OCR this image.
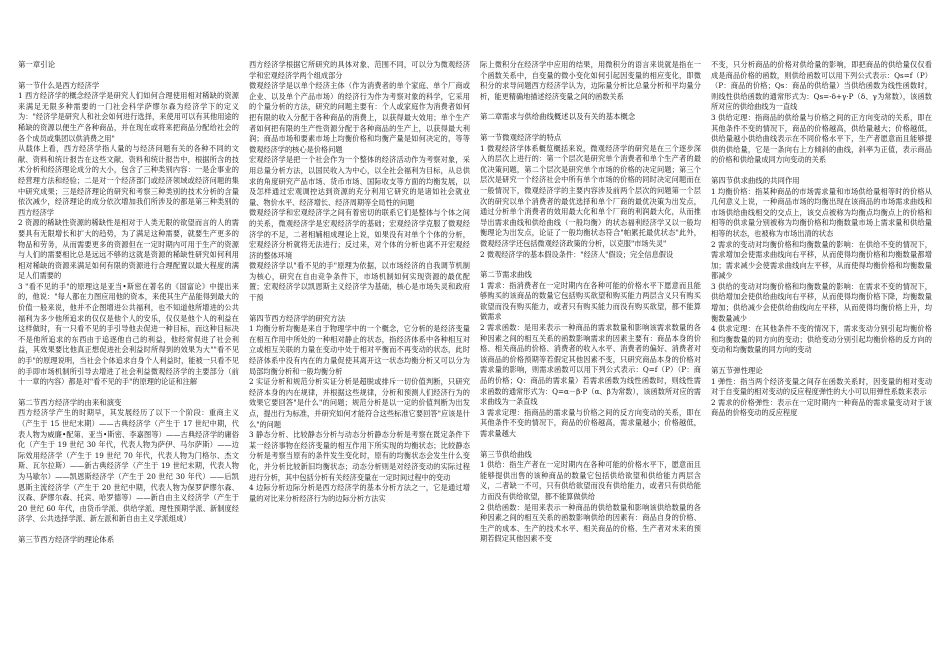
第一章引论

第一节什么是西方经济学

1 西方经济学的概念经济学是研究人们如何合理使用相对稀缺的资源来满足无限多种需要的一门社会科学萨缪尔森为经济学下的定义为："经济学是研究人和社会如何进行选择，来使用可以有其他用途的稀缺的资源以便生产各种商品，并在现在或将来把商品分配给社会的各个成员或集团以供消费之用"

从载体上看，西方经济学指人量的与经济问题有关的各种不同的文献、资料和统计报告在这些文献、资料和统计报告中，根据所含的技术分析和经济理论成分的大小，包含了三种类别内容：一是企事业的经营理方法和经验；二是对一个经济部门或经济领域或经济问题的集中研究成果；三是经济理论的研究和考察三种类别的技术分析的含量依次减少，经济理论的成分依次增加我们所涉及的都是第三种类别的西方经济学

2 资源的稀缺性资源的稀缺性是相对于人类无限的欲望而言的人的需要具有无限增长和扩大的趋势，为了满足这种需要，就要生产更多的物品和劳务，从而需要更多的资源但在一定时期内可用于生产的资源与人们的需要相比总是远远不够的这就是资源的稀缺性研究如何利用相对稀缺的资源来满足如何有限的资源进行合理配置以最大程度的满足人们需要的

3 "看不见的手"的原理这是亚当•斯密在著名的《国富论》中提出来的，他说："每人都在力图应用他的资本，来使其生产品能得到最大的价值一般来说，他并不企图增进公共福利，也不知道他所增进的公共福利为多少他所追求的仅仅是他个人的安乐，仅仅是他个人的利益在这样做时，有一只看不见的手引导他去促进一种目标，而这种目标决不是他所追求的东西由于追逐他自己的利益，他经常促进了社会利益，其效果要比他真正想促进社会利益时所得到的效果为大""看不见的手"的原理说明，当社会个体追求自身个人利益时，能被一只看不见的手即市场机制所引导去增进了社会利益微观经济学的主要部分（前十一章的内容）都是对"看不见的手"的原理的论证和注解

第二节西方经济学的由来和演变

西方经济学产生的时期早，其发展经历了以下一个阶段：重商主义（产生于 15 世纪末期）——古典经济学（产生于 17 世纪中期，代表人物为威廉•配第、亚当•斯密、李嘉图等）——古典经济学的庸俗化（产生于 19 世纪 30 年代，代表人物为萨伊、马尔萨斯）——边际效用经济学（产生于 19 世纪 70 年代，代表人物为门格尔、杰文斯、瓦尔拉斯）——新古典经济学（产生于 19 世纪末期，代表人物为马歇尔）——凯恩斯经济学（产生于 20 世纪 30 年代）——后凯恩斯主流经济学（产生于 20 世纪中期，代表人物为保罗萨缪尔森、汉森、萨缪尔森、托宾、哈罗德等）——新自由主义经济学（产生于 20 世纪 60 年代，由货币学派、供给学派、理性预期学派、新制度经济学、公共选择学派、新左派和新自由主义学派组成）

第三节西方经济学的理论体系

西方经济学根据它所研究的具体对象、范围不同，可以分为微观经济学和宏观经济学两个组成部分

微观经济学是以单个经济主体（作为消费者的单个家庭、单个厂商或企业、以及单个产品市场）的经济行为作为考察对象的科学，它采用的个量分析的方法，研究的问题主要有：个人或家庭作为消费者如何把有限的收入分配于各种商品的消费上，以获得最大效用；单个生产者如何把有限的生产性资源分配于各种商品的生产上，以获得最大利润；商品市场和要素市场上均衡价格和均衡产量是如何决定的，等等微观经济学的核心是价格问题

宏观经济学是把一个社会作为一个整体的经济活动作为考察对象，采用总量分析方法，以国民收入为中心，以全社会福利为目标，从总供求的角度研究产品市场、货币市场、国际收支等方面的均衡发展，以及怎样通过宏观调控达到资源的充分利用它研究的是诸如社会就业量、物价水平、经济增长、经济周期等全局性的问题

微观经济学和宏观经济学之间有着密切的联系它们是整体与个体之间的关系，微观经济学是宏观经济学的基础；宏观经济学克服了微观经济学的不足，二者相辅相成理论上说，如果没有对单个个体的分析，宏观经济分析就将无法进行；反过来，对个体的分析也离不开宏观经济的整体环境

微观经济学以"看不见的手"原理为依据，以市场经济的自我调节机制为核心，研究在自由竞争条件下，市场机制如何实现资源的最优配置；宏观经济学以凯恩斯主义经济学为基础，核心是市场失灵和政府干预

第四节西方经济学的研究方法

1 均衡分析均衡是来自于物理学中的一个概念，它分析的是经济变量在相互作用中所处的一种相对静止的状态，指经济体系中各种相互对立或相互关联的力量在变动中处于相对平衡而不再变动的状态，此时经济体系中没有内在的力量促使其离开这一状态均衡分析又可以分为局部均衡分析和一般均衡分析

2 实证分析和规范分析实证分析是超脱或排斥一切价值判断，只研究经济本身的内在规律，并根据这些规律，分析和预测人们经济行为的效果它要回答"是什么"的问题；规范分析是以一定的价值判断为出发点，提出行为标准，并研究如何才能符合这些标准它要回答"应该是什么"的问题

3 静态分析、比较静态分析与动态分析静态分析是考察在既定条件下某一经济事物在经济变量的相互作用下所实现的均衡状态；比较静态分析是考察当原有的条件发生变化时，原有的均衡状态会发生什么变化，并分析比较新旧均衡状态；动态分析则是对经济变动的实际过程进行分析，其中包括分析有关经济变量在一定时间过程中的变动

4 边际分析边际分析是西方经济学的基本分析方法之一，它是通过增量的对比来分析经济行为的边际分析方法实

际上微积分在经济学中应用的结果，用微积分的语言来说就是指在一个函数关系中，自变量的微小变化如何引起因变量的相应变化，即微积分的求导问题西方经济学认为，边际量分析比总量分析和平均量分析，能更精确地描述经济变量之间的函数关系

第二章需求与供给曲线概述以及有关的基本概念

第一节微观经济学的特点

1 微观经济学体系概览概括来说，微观经济学的研究是在三个逐步深入的层次上进行的：第一个层次是研究单个消费者和单个生产者的最优决策问题，第二个层次是研究单个市场的价格的决定问题；第三个层次是研究一个经济社会中所有单个市场的价格的同时决定问题而在一般情况下，微观经济学的主要内容涉及前两个层次的问题第一个层次的研究以单个消费者的最优选择和单个厂商的最优决策为出发点，通过分析单个消费者的效用最大化和单个厂商的利润最大化，从而推导出需求曲线和供给曲线（一般均衡）的状态福利经济学又以一般均衡理论为出发点，论证了一般均衡状态符合"帕累托最优状态"此外，微观经济学还包括微观经济政策的分析，以克服"市场失灵"

2 微观经济学的基本假设条件："经济人"假设；完全信息假设

第二节需求曲线

1 需求：指消费者在一定时期内在各种可能的价格水平下愿意而且能够购买的该商品的数量它包括购买欲望和购买能力两层含义只有购买欲望而没有购买能力，或者只有购买能力而没有购买欲望，都不能算做需求

2 需求函数：是用来表示一种商品的需求数量和影响该需求数量的各种因素之间的相互关系的函数影响需求的因素主要有：商品本身的价格、相关商品的价格、消费者的收入水平、消费者的偏好、消费者对该商品的价格预期等若假定其他因素不变，只研究商品本身的价格对需求量的影响，则需求函数可以用下列公式表示：Q=f（P）（P：商品的价格；Q：商品的需求量）若需求函数为线性函数时，则线性需求函数的通常形式为：Q=α－β·P（α、β为常数），该函数所对应的需求曲线为一条直线

3 需求定理：指商品的需求量与价格之间的反方向变动的关系，即在其他条件不变的情况下，商品的价格越高，需求量越小；价格越低，需求量越大

第三节供给曲线

1 供给：指生产者在一定时期内在各种可能的价格水平下，愿意而且能够提供出售的该种商品的数量它包括供给欲望和供给能力两层含义，二者缺一不可，只有供给欲望而没有供给能力，或者只有供给能力而没有供给欲望，都不能算做供给

2 供给函数：是用来表示一种商品的供给数量和影响该供给数量的各种因素之间的相互关系的函数影响供给的因素有：商品自身的价格、生产的成本、生产的技术水平、相关商品的价格、生产者对未来的预期若假定其他因素不变

不变，只分析商品的价格对供给量的影响，即把商品的供给量仅仅看成是商品价格的函数，则供给函数可以用下列公式表示：Qs=f（P）（P：商品的价格；Qs：商品的供给量）当供给函数为线性函数时，则线性供给函数的通常形式为：Qs=-δ+γ·P（δ、γ为常数），该函数所对应的供给曲线为一直线

3 供给定理：指商品的供给量与价格之间的正方向变动的关系，即在其他条件不变的情况下，商品的价格越高，供给量越大；价格越低，供给量越小供给曲线表示在不同价格水平下，生产者愿意而且能够提供的供给量，它是一条向右上方倾斜的曲线，斜率为正值，表示商品的价格和供给量成同方向变动的关系

第四节供求曲线的共同作用

1 均衡价格：指某种商品的市场需求量和市场供给量相等时的价格从几何意义上说，一种商品市场的均衡出现在该商品的市场需求曲线和市场供给曲线相交的交点上，该交点被称为均衡点均衡点上的价格和相等的供求量分别被称为均衡价格和均衡数量市场上需求量和供给量相等的状态，也被称为市场出清的状态

2 需求的变动对均衡价格和均衡数量的影响：在供给不变的情况下，需求增加会使需求曲线向右平移，从而使得均衡价格和均衡数量都增加；需求减少会使需求曲线向左平移，从而使得均衡价格和均衡数量都减少

3 供给的变动对均衡价格和均衡数量的影响：在需求不变的情况下，供给增加会使供给曲线向右平移，从而使得均衡价格下降，均衡数量增加；供给减少会使供给曲线向左平移，从而使得均衡价格上升，均衡数量减少

4 供求定理：在其他条件不变的情况下，需求变动分别引起均衡价格和均衡数量的同方向的变动；供给变动分别引起均衡价格的反方向的变动和均衡数量的同方向的变动

第五节弹性理论

1 弹性：指当两个经济变量之间存在函数关系时，因变量的相对变动对于自变量的相对变动的反应程度弹性的大小可以用弹性系数来表示

2 需求的价格弹性：表示在一定时期内一种商品的需求量变动对于该商品的价格变动的反应程度
